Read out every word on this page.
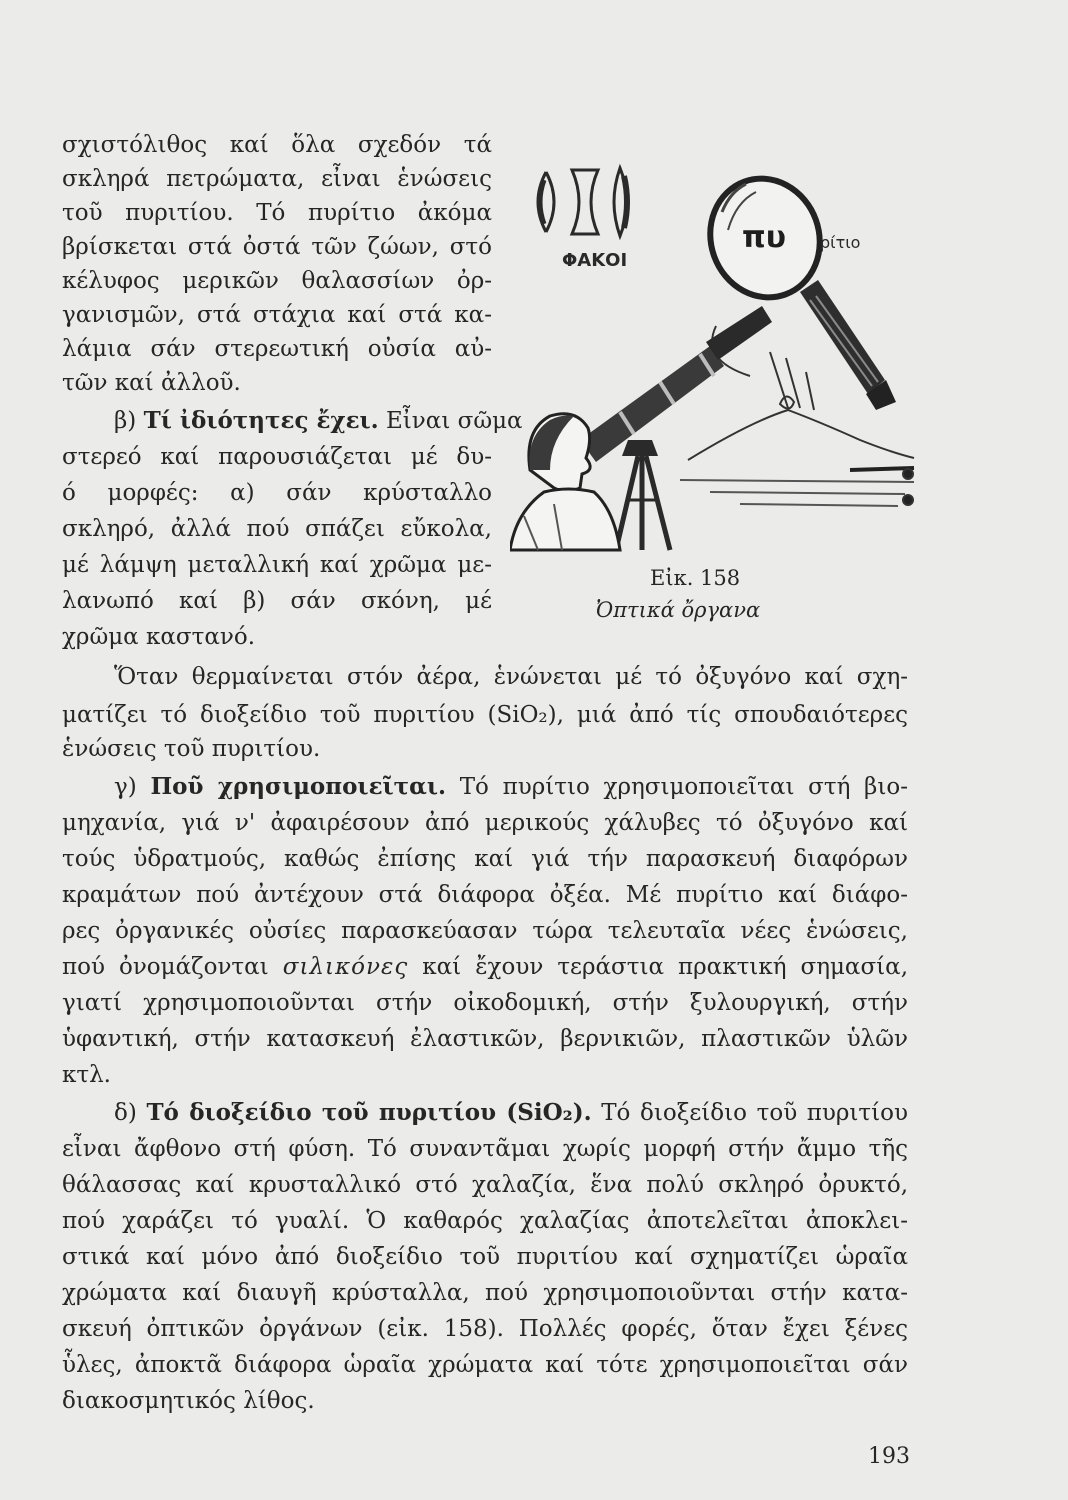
σχιστόλιθος καί ὅλα σχεδόν τά
σκληρά πετρώματα, εἶναι ἑνώσεις
τοῦ πυριτίου. Τό πυρίτιο ἀκόμα
βρίσκεται στά ὀστά τῶν ζώων, στό
κέλυφος μερικῶν θαλασσίων ὀρ-
γανισμῶν, στά στάχια καί στά κα-
λάμια σάν στερεωτική οὐσία αὐ-
τῶν καί ἀλλοῦ.
β) Τί ἰδιότητες ἔχει. Εἶναι σῶμα
στερεό καί παρουσιάζεται μέ δυ-
ό μορφές: α) σάν κρύσταλλο
σκληρό, ἀλλά πού σπάζει εὔκολα,
μέ λάμψη μεταλλική καί χρῶμα με-
λανωπό καί β) σάν σκόνη, μέ
χρῶμα καστανό.
ΦΑΚΟΙ
πυ ρίτιο
Εἰκ. 158
Ὀπτικά ὄργανα
Ὅταν θερμαίνεται στόν ἀέρα, ἑνώνεται μέ τό ὀξυγόνο καί σχη-
ματίζει τό διοξείδιο τοῦ πυριτίου (SiO₂), μιά ἀπό τίς σπουδαιότερες
ἑνώσεις τοῦ πυριτίου.
γ) Ποῦ χρησιμοποιεῖται. Τό πυρίτιο χρησιμοποιεῖται στή βιο-
μηχανία, γιά ν' ἀφαιρέσουν ἀπό μερικούς χάλυβες τό ὀξυγόνο καί
τούς ὑδρατμούς, καθώς ἐπίσης καί γιά τήν παρασκευή διαφόρων
κραμάτων πού ἀντέχουν στά διάφορα ὀξέα. Μέ πυρίτιο καί διάφο-
ρες ὀργανικές οὐσίες παρασκεύασαν τώρα τελευταῖα νέες ἑνώσεις,
πού ὀνομάζονται σιλικόνες καί ἔχουν τεράστια πρακτική σημασία,
γιατί χρησιμοποιοῦνται στήν οἰκοδομική, στήν ξυλουργική, στήν
ὑφαντική, στήν κατασκευή ἐλαστικῶν, βερνικιῶν, πλαστικῶν ὑλῶν
κτλ.
δ) Τό διοξείδιο τοῦ πυριτίου (SiO₂). Τό διοξείδιο τοῦ πυριτίου
εἶναι ἄφθονο στή φύση. Τό συναντᾶμαι χωρίς μορφή στήν ἄμμο τῆς
θάλασσας καί κρυσταλλικό στό χαλαζία, ἕνα πολύ σκληρό ὀρυκτό,
πού χαράζει τό γυαλί. Ὁ καθαρός χαλαζίας ἀποτελεῖται ἀποκλει-
στικά καί μόνο ἀπό διοξείδιο τοῦ πυριτίου καί σχηματίζει ὡραῖα
χρώματα καί διαυγῆ κρύσταλλα, πού χρησιμοποιοῦνται στήν κατα-
σκευή ὀπτικῶν ὀργάνων (εἰκ. 158). Πολλές φορές, ὅταν ἔχει ξένες
ὗλες, ἀποκτᾶ διάφορα ὡραῖα χρώματα καί τότε χρησιμοποιεῖται σάν
διακοσμητικός λίθος.
193
